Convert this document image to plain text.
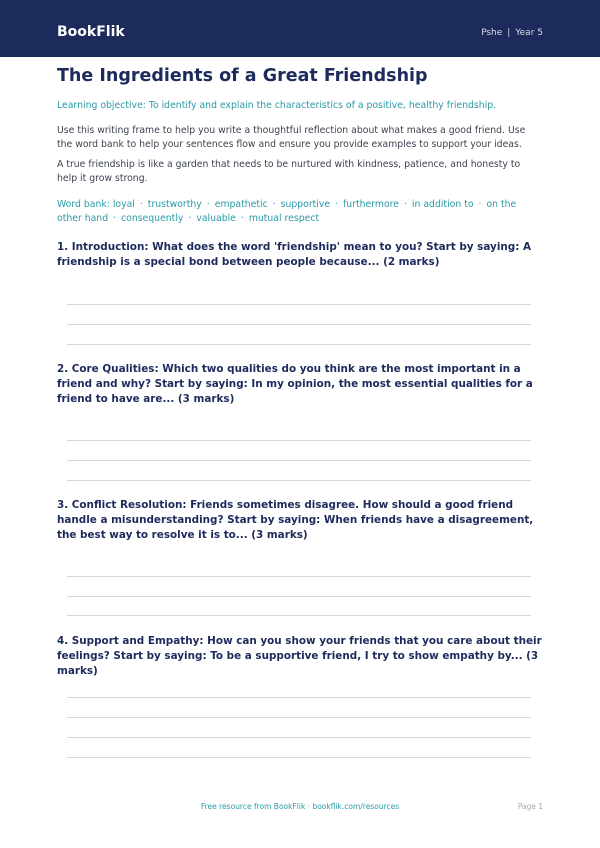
BookFlik	Pshe | Year 5
The Ingredients of a Great Friendship
Learning objective: To identify and explain the characteristics of a positive, healthy friendship.
Use this writing frame to help you write a thoughtful reflection about what makes a good friend. Use the word bank to help your sentences flow and ensure you provide examples to support your ideas.
A true friendship is like a garden that needs to be nurtured with kindness, patience, and honesty to help it grow strong.
Word bank: loyal · trustworthy · empathetic · supportive · furthermore · in addition to · on the other hand · consequently · valuable · mutual respect
1. Introduction: What does the word 'friendship' mean to you? Start by saying: A friendship is a special bond between people because... (2 marks)
2. Core Qualities: Which two qualities do you think are the most important in a friend and why? Start by saying: In my opinion, the most essential qualities for a friend to have are... (3 marks)
3. Conflict Resolution: Friends sometimes disagree. How should a good friend handle a misunderstanding? Start by saying: When friends have a disagreement, the best way to resolve it is to... (3 marks)
4. Support and Empathy: How can you show your friends that you care about their feelings? Start by saying: To be a supportive friend, I try to show empathy by... (3 marks)
Free resource from BookFlik · bookflik.com/resources	Page 1
